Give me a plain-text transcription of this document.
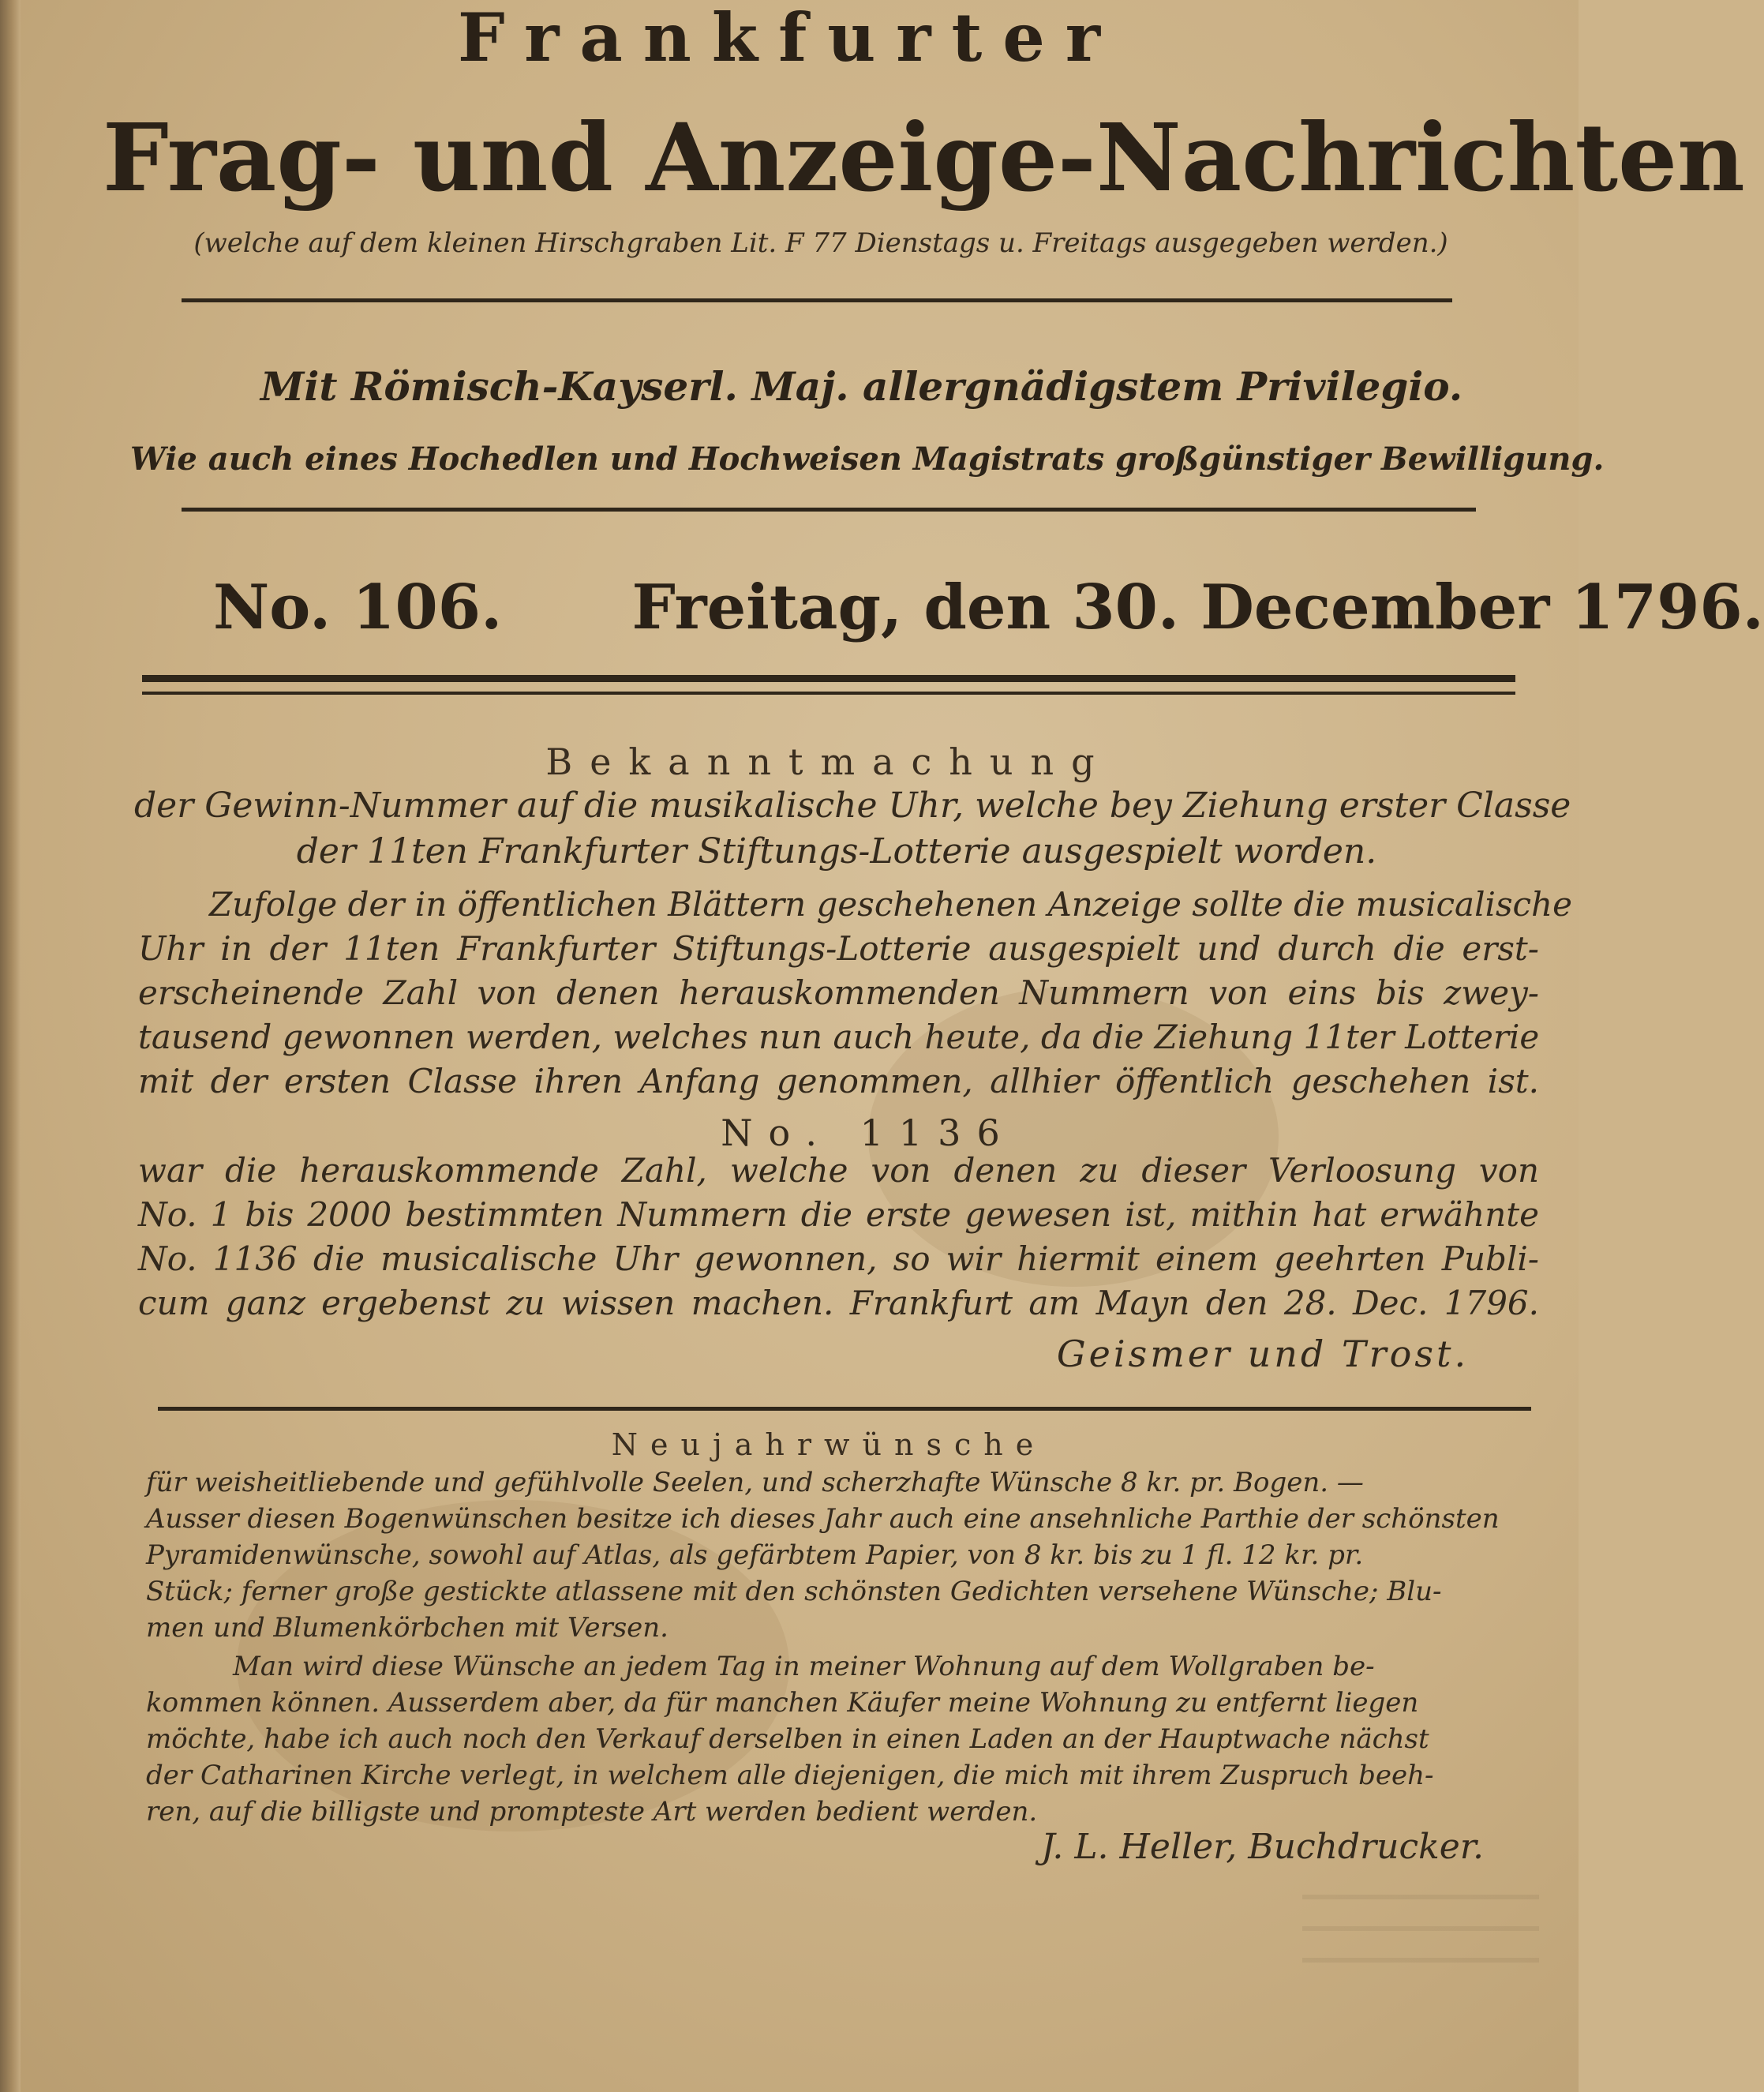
Frankfurter
Frag- und Anzeige-Nachrichten
(welche auf dem kleinen Hirschgraben Lit. F 77 Dienstags u. Freitags ausgegeben werden.)
Mit Römisch-Kayserl. Maj. allergnädigstem Privilegio.
Wie auch eines Hochedlen und Hochweisen Magistrats großgünstiger Bewilligung.
No. 106. Freitag, den 30. December 1796.
Bekanntmachung
der Gewinn-Nummer auf die musikalische Uhr, welche bey Ziehung erster Classe
der 11ten Frankfurter Stiftungs-Lotterie ausgespielt worden.
Zufolge der in öffentlichen Blättern geschehenen Anzeige sollte die musicalische
Uhr in der 11ten Frankfurter Stiftungs-Lotterie ausgespielt und durch die erst-
erscheinende Zahl von denen herauskommenden Nummern von eins bis zwey-
tausend gewonnen werden, welches nun auch heute, da die Ziehung 11ter Lotterie
mit der ersten Classe ihren Anfang genommen, allhier öffentlich geschehen ist.
No. 1136
war die herauskommende Zahl, welche von denen zu dieser Verloosung von
No. 1 bis 2000 bestimmten Nummern die erste gewesen ist, mithin hat erwähnte
No. 1136 die musicalische Uhr gewonnen, so wir hiermit einem geehrten Publi-
cum ganz ergebenst zu wissen machen. Frankfurt am Mayn den 28. Dec. 1796.
Geismer und Trost.
Neujahrwünsche
für weisheitliebende und gefühlvolle Seelen, und scherzhafte Wünsche 8 kr. pr. Bogen. —
Ausser diesen Bogenwünschen besitze ich dieses Jahr auch eine ansehnliche Parthie der schönsten
Pyramidenwünsche, sowohl auf Atlas, als gefärbtem Papier, von 8 kr. bis zu 1 fl. 12 kr. pr.
Stück; ferner große gestickte atlassene mit den schönsten Gedichten versehene Wünsche; Blu-
men und Blumenkörbchen mit Versen.
Man wird diese Wünsche an jedem Tag in meiner Wohnung auf dem Wollgraben be-
kommen können. Ausserdem aber, da für manchen Käufer meine Wohnung zu entfernt liegen
möchte, habe ich auch noch den Verkauf derselben in einen Laden an der Hauptwache nächst
der Catharinen Kirche verlegt, in welchem alle diejenigen, die mich mit ihrem Zuspruch beeh-
ren, auf die billigste und prompteste Art werden bedient werden.
J. L. Heller, Buchdrucker.
